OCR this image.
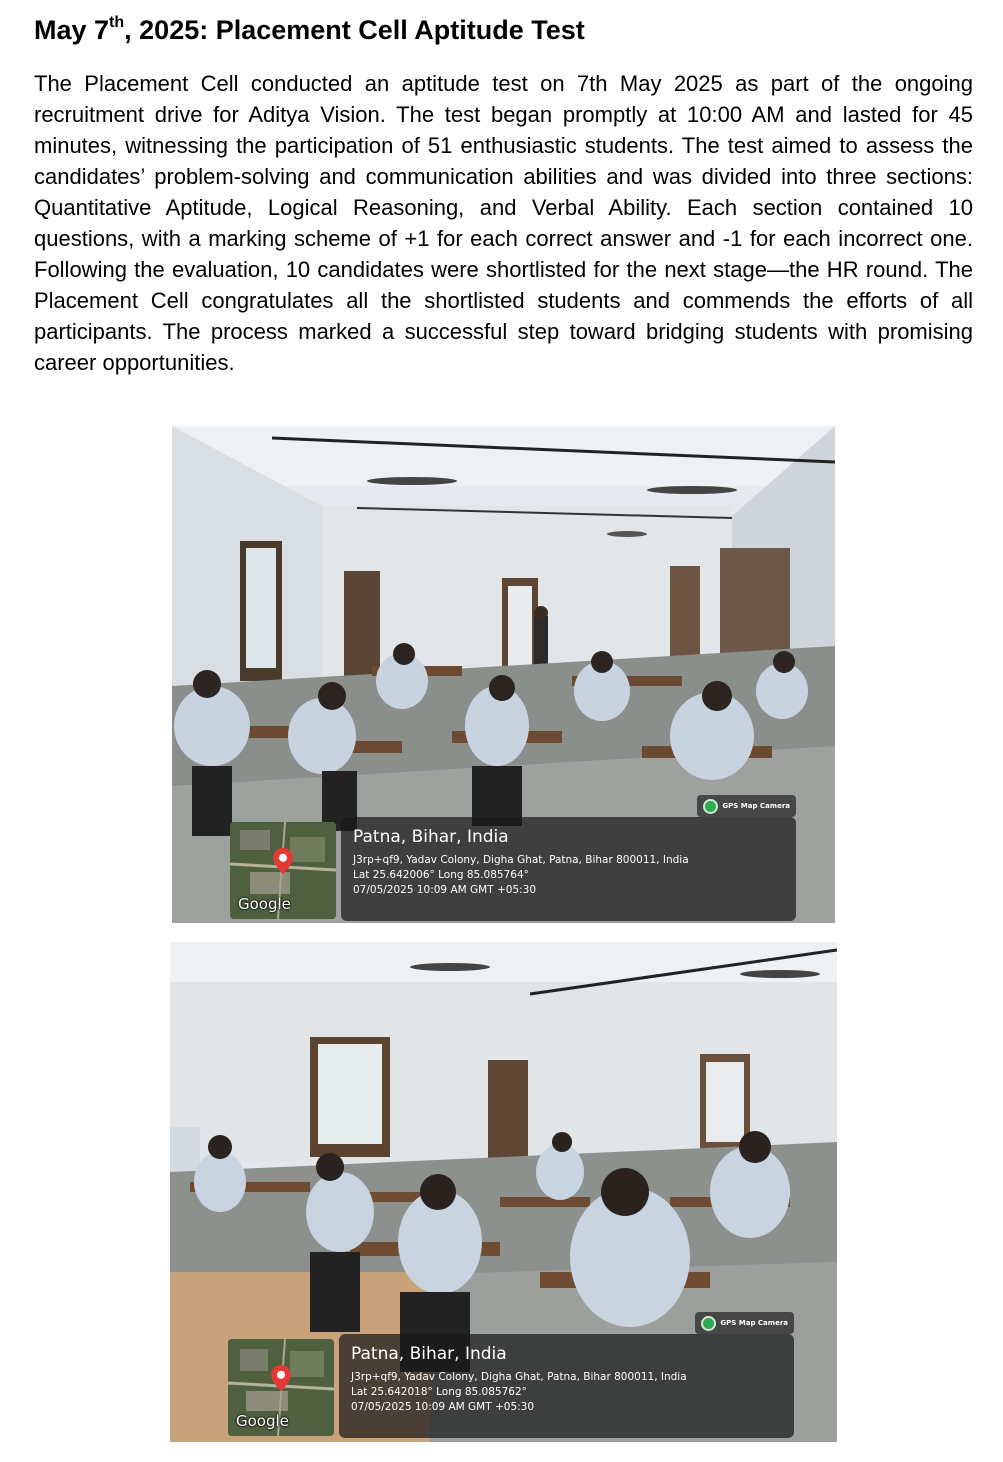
May 7th, 2025: Placement Cell Aptitude Test

The Placement Cell conducted an aptitude test on 7th May 2025 as part of the ongoing recruitment drive for Aditya Vision. The test began promptly at 10:00 AM and lasted for 45 minutes, witnessing the participation of 51 enthusiastic students. The test aimed to assess the candidates’ problem-solving and communication abilities and was divided into three sections: Quantitative Aptitude, Logical Reasoning, and Verbal Ability. Each section contained 10 questions, with a marking scheme of +1 for each correct answer and -1 for each incorrect one. Following the evaluation, 10 candidates were shortlisted for the next stage—the HR round. The Placement Cell congratulates all the shortlisted students and commends the efforts of all participants. The process marked a successful step toward bridging students with promising career opportunities.

Google
GPS Map Camera
Patna, Bihar, India
J3rp+qf9, Yadav Colony, Digha Ghat, Patna, Bihar 800011, India
Lat 25.642006° Long 85.085764°
07/05/2025 10:09 AM GMT +05:30
Google
GPS Map Camera
Patna, Bihar, India
J3rp+qf9, Yadav Colony, Digha Ghat, Patna, Bihar 800011, India
Lat 25.642018° Long 85.085762°
07/05/2025 10:09 AM GMT +05:30
